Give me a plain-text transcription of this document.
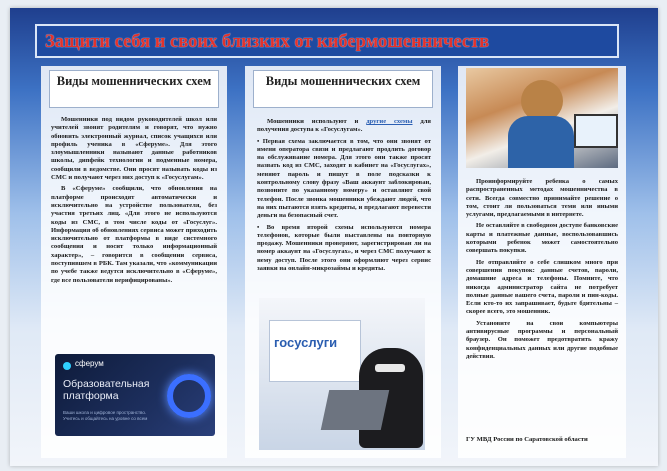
Защити себя и своих близких от кибермошенничеств
Виды мошеннических схем

Мошенники под видом руководителей школ или учителей звонят родителям и говорят, что нужно обновить электронный журнал, список учащихся или профиль ученика в «Сферуме». Для этого злоумышленники называют данные работников школы, дипфейк технологии и подменные номера, сообщили в ведомстве. Они просят называть коды из СМС и получают через них доступ к «Госуслугам».

В «Сферуме» сообщили, что обновления на платформе происходят автоматически и исключительно на устройстве пользователя, без участия третьих лиц. «Для этого не используются коды из СМС, в том числе коды от «Госуслуг». Информация об обновлениях сервиса может приходить исключительно от платформы в виде системного сообщения и носит только информационный характер», – говорится в сообщении сервиса, поступившем в РБК. Там указали, что «коммуникации по учебе также ведутся исключительно в «Сферуме», где все пользователи верифицированы».

сферум
Образовательная платформа
Ваши школа и цифровое пространство. Учитесь и общайтесь на уровне со всем
Виды мошеннических схем

Мошенники используют и другие схемы для получения доступа к «Госуслугам».

• Первая схема заключается в том, что они звонят от имени оператора связи и предлагают продлить договор на обслуживание номера. Для этого они также просят назвать код из СМС, заходят в кабинет на «Госуслугах», меняют пароль и пишут в поле подсказки к контрольному слову фразу «Ваш аккаунт заблокирован, позвоните по указанному номеру» и оставляют свой телефон. После звонка мошенники убеждают людей, что на них пытаются взять кредиты, и предлагают перевести деньги на безопасный счет.

• Во время второй схемы используются номера телефонов, которые были выставлены на повторную продажу. Мошенники проверяют, зарегистрирован ли на номер аккаунт на «Госуслугах», и через СМС получают к нему доступ. После этого они оформляют через сервис заявки на онлайн-микрозаймы и кредиты.

госуслуги

Проинформируйте ребенка о самых распространенных методах мошенничества в сети. Всегда совместно принимайте решение о том, стоит ли пользоваться теми или иными услугами, предлагаемыми в интернете.

Не оставляйте в свободном доступе банковские карты и платежные данные, воспользовавшись которыми ребенок может самостоятельно совершать покупки.

Не отправляйте о себе слишком много при совершении покупок: данные счетов, пароли, домашние адреса и телефоны. Помните, что никогда администратор сайта не потребует полные данные вашего счета, пароли и пин-коды. Если кто-то их запрашивает, будьте бдительны – скорее всего, это мошенник.

Установите на свои компьютеры антивирусные программы и персональный браузер. Он поможет предотвратить кражу конфиденциальных данных или другие подобные действия.

ГУ МВД России по Саратовской области
